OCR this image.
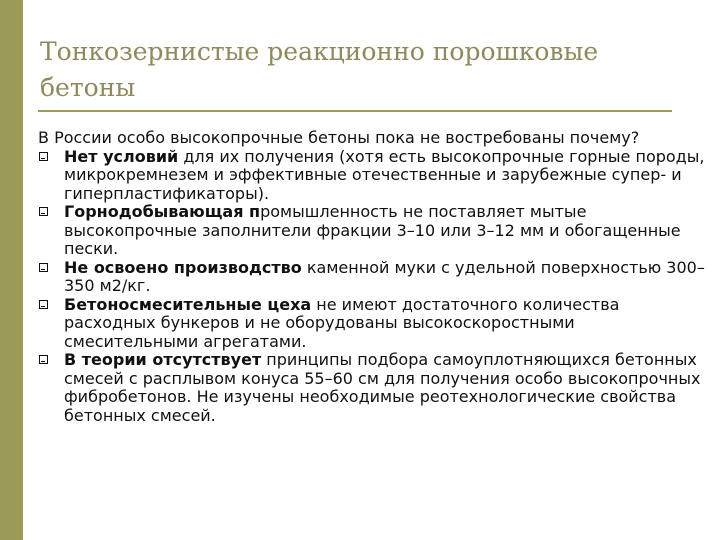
Тонкозернистые реакционно порошковые бетоны
В России особо высокопрочные бетоны пока не востребованы почему?
Нет условий для их получения (хотя есть высокопрочные горные породы, микрокремнезем и эффективные отечественные и зарубежные супер- и гиперпластификаторы).
Горнодобывающая промышленность не поставляет мытые высокопрочные заполнители фракции 3–10 или 3–12 мм и обогащенные пески.
Не освоено производство каменной муки с удельной поверхностью 300–350 м2/кг.
Бетоносмесительные цеха не имеют достаточного количества расходных бункеров и не оборудованы высокоскоростными смесительными агрегатами.
В теории отсутствует принципы подбора самоуплотняющихся бетонных смесей с расплывом конуса 55–60 см для получения особо высокопрочных фибробетонов. Не изучены необходимые реотехнологические свойства бетонных смесей.
